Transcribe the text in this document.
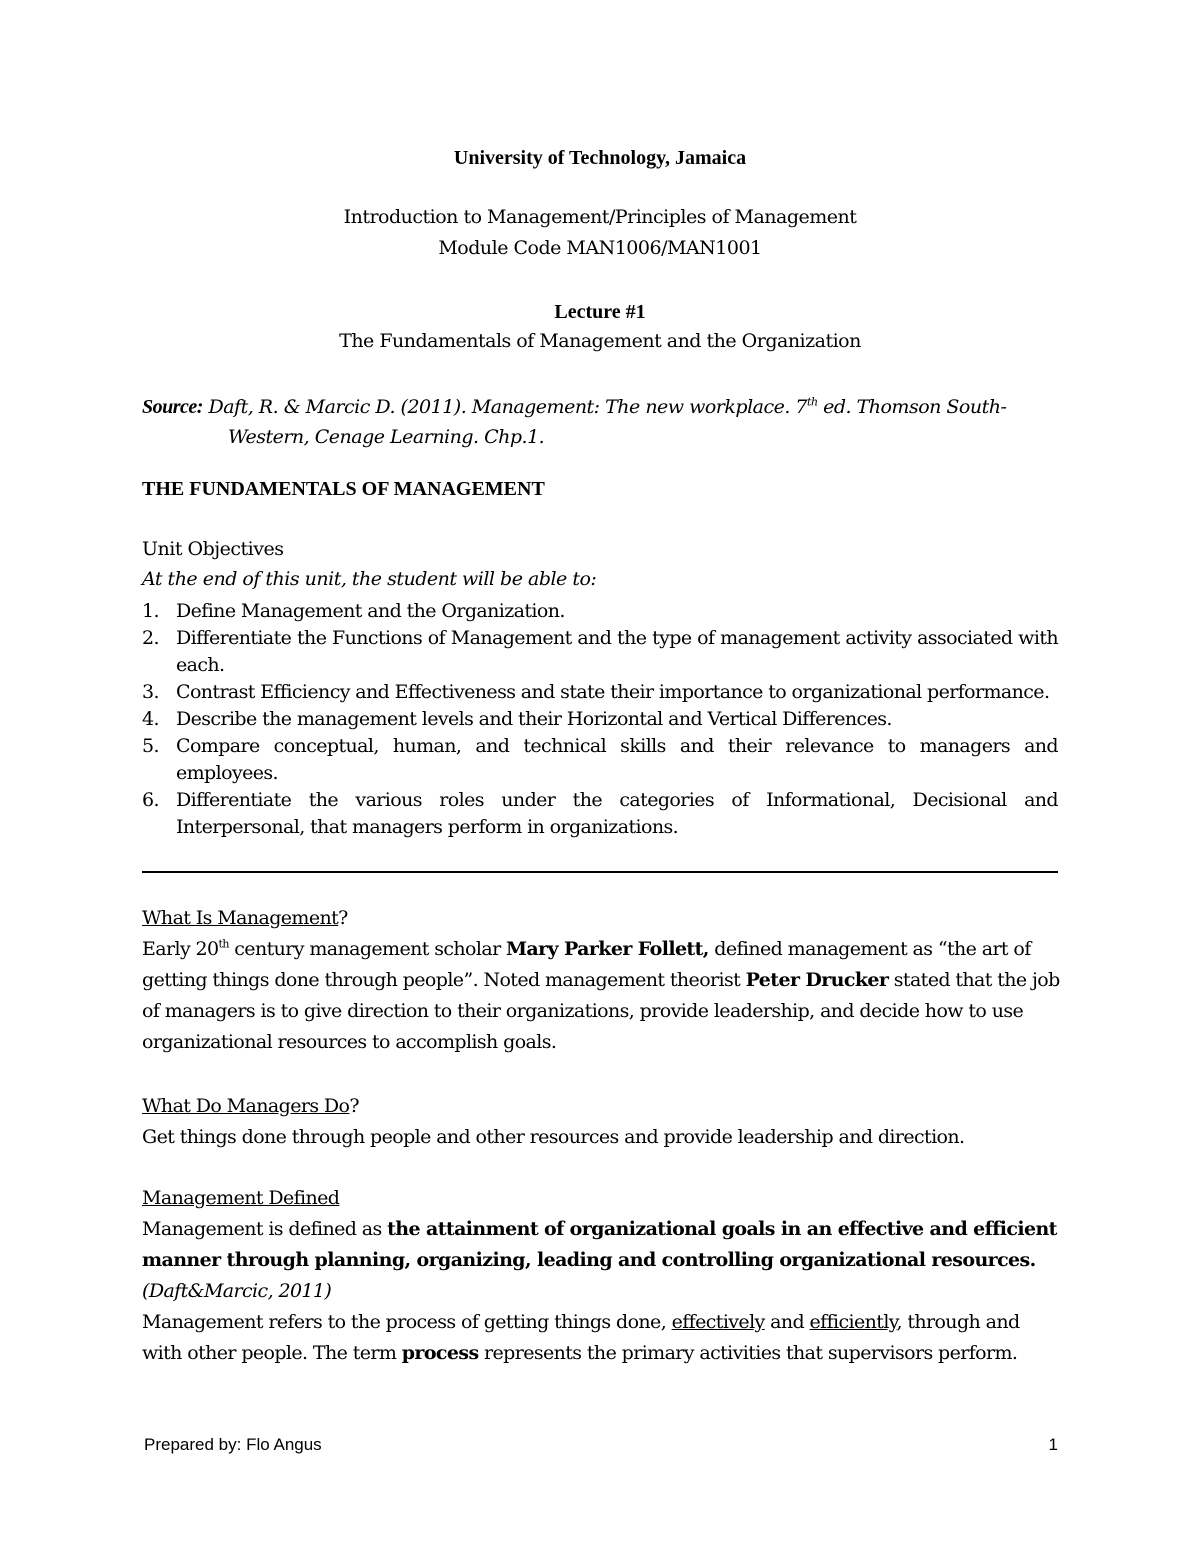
University of Technology, Jamaica
Introduction to Management/Principles of Management
Module Code MAN1006/MAN1001
Lecture #1
The Fundamentals of Management and the Organization
Source: Daft, R. & Marcic D. (2011). Management: The new workplace. 7th ed. Thomson South-
Western, Cenage Learning. Chp.1.
THE FUNDAMENTALS OF MANAGEMENT
Unit Objectives
At the end of this unit, the student will be able to:
1. Define Management and the Organization.
2. Differentiate the Functions of Management and the type of management activity associated with each.
3. Contrast Efficiency and Effectiveness and state their importance to organizational performance.
4. Describe the management levels and their Horizontal and Vertical Differences.
5. Compare conceptual, human, and technical skills and their relevance to managers and employees.
6. Differentiate the various roles under the categories of Informational, Decisional and Interpersonal, that managers perform in organizations.
What Is Management?
Early 20th century management scholar Mary Parker Follett, defined management as “the art of getting things done through people”. Noted management theorist Peter Drucker stated that the job of managers is to give direction to their organizations, provide leadership, and decide how to use organizational resources to accomplish goals.
What Do Managers Do?
Get things done through people and other resources and provide leadership and direction.
Management Defined
Management is defined as the attainment of organizational goals in an effective and efficient manner through planning, organizing, leading and controlling organizational resources.
(Daft&Marcic, 2011)
Management refers to the process of getting things done, effectively and efficiently, through and with other people. The term process represents the primary activities that supervisors perform.
Prepared by: Flo Angus	1
